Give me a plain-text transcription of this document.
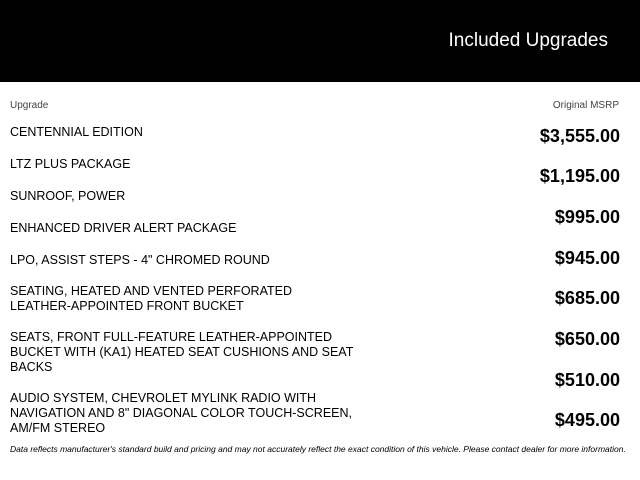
Included Upgrades
Upgrade	Original MSRP
CENTENNIAL EDITION
LTZ PLUS PACKAGE
SUNROOF, POWER
ENHANCED DRIVER ALERT PACKAGE
LPO, ASSIST STEPS - 4" CHROMED ROUND
SEATING, HEATED AND VENTED PERFORATED LEATHER-APPOINTED FRONT BUCKET
SEATS, FRONT FULL-FEATURE LEATHER-APPOINTED BUCKET WITH (KA1) HEATED SEAT CUSHIONS AND SEAT BACKS
AUDIO SYSTEM, CHEVROLET MYLINK RADIO WITH NAVIGATION AND 8" DIAGONAL COLOR TOUCH-SCREEN, AM/FM STEREO
$3,555.00
$1,195.00
$995.00
$945.00
$685.00
$650.00
$510.00
$495.00
Data reflects manufacturer's standard build and pricing and may not accurately reflect the exact condition of this vehicle. Please contact dealer for more information.
